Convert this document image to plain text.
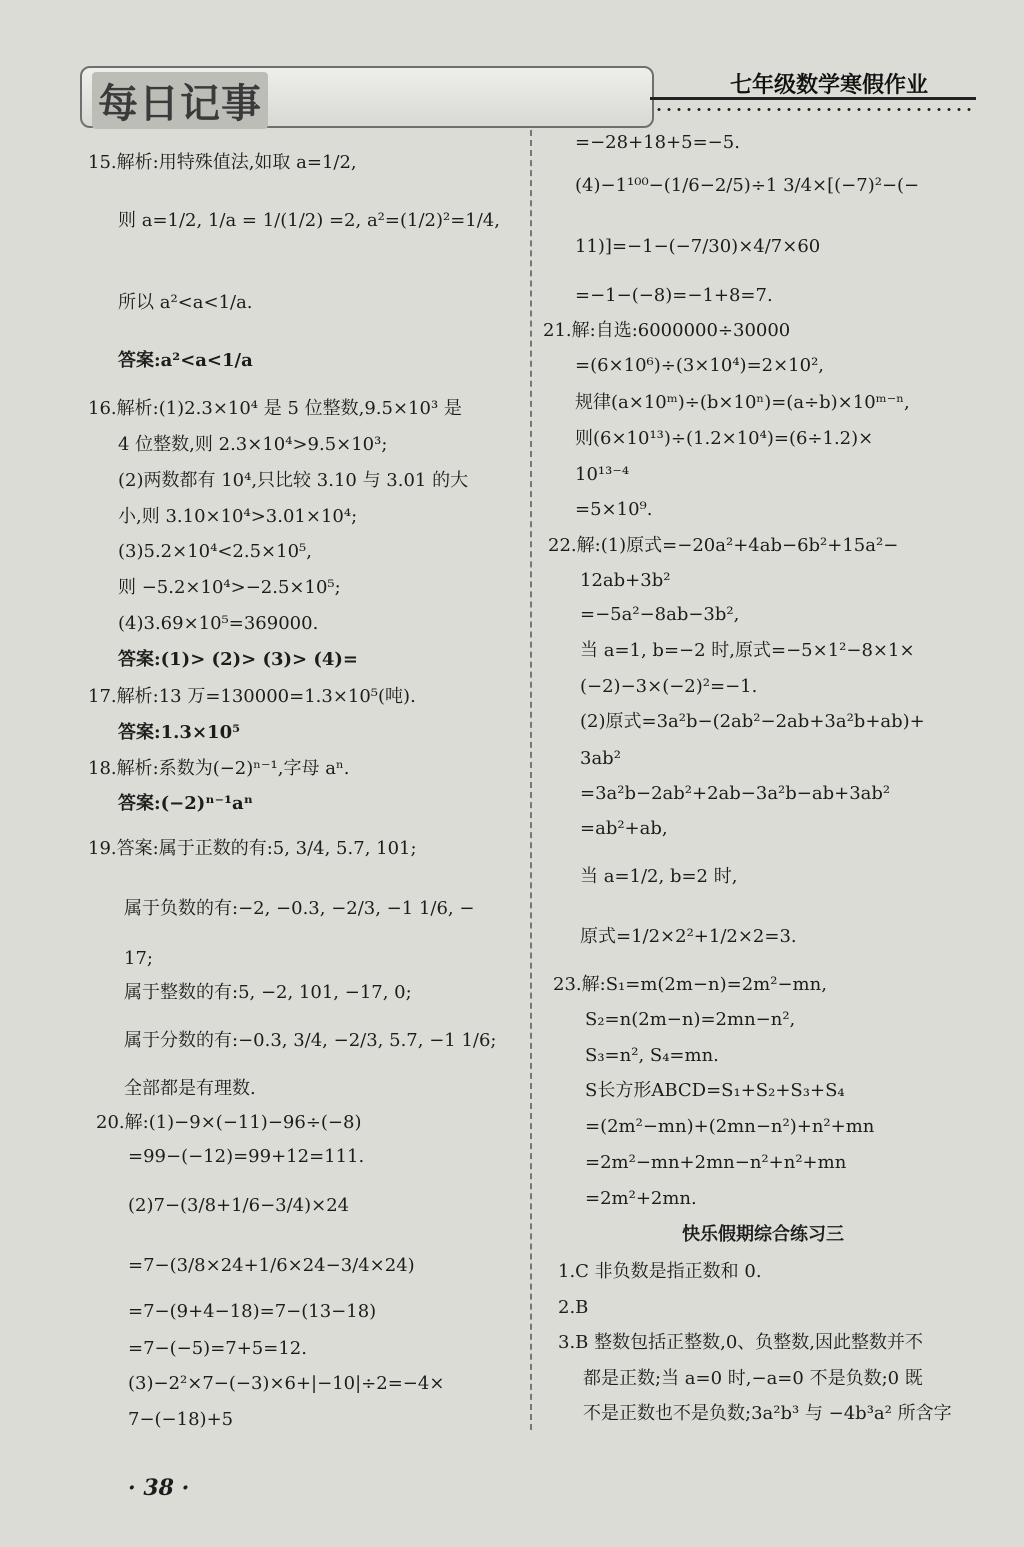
每日记事	七年级数学寒假作业
15.解析:用特殊值法,如取 a=1/2,
则 a=1/2, 1/a = 1/(1/2) =2, a²=(1/2)²=1/4,
所以 a²<a<1/a.
答案:a²<a<1/a
16.解析:(1)2.3×10⁴ 是 5 位整数,9.5×10³ 是
4 位整数,则 2.3×10⁴>9.5×10³;
(2)两数都有 10⁴,只比较 3.10 与 3.01 的大
小,则 3.10×10⁴>3.01×10⁴;
(3)5.2×10⁴<2.5×10⁵,
则 −5.2×10⁴>−2.5×10⁵;
(4)3.69×10⁵=369000.
答案:(1)> (2)> (3)> (4)=
17.解析:13 万=130000=1.3×10⁵(吨).
答案:1.3×10⁵
18.解析:系数为(−2)ⁿ⁻¹,字母 aⁿ.
答案:(−2)ⁿ⁻¹aⁿ
19.答案:属于正数的有:5, 3/4, 5.7, 101;
属于负数的有:−2, −0.3, −2/3, −1 1/6, −
17;
属于整数的有:5, −2, 101, −17, 0;
属于分数的有:−0.3, 3/4, −2/3, 5.7, −1 1/6;
全部都是有理数.
20.解:(1)−9×(−11)−96÷(−8)
=99−(−12)=99+12=111.
(2)7−(3/8+1/6−3/4)×24
=7−(3/8×24+1/6×24−3/4×24)
=7−(9+4−18)=7−(13−18)
=7−(−5)=7+5=12.
(3)−2²×7−(−3)×6+|−10|÷2=−4×
7−(−18)+5
=−28+18+5=−5.
(4)−1¹⁰⁰−(1/6−2/5)÷1 3/4×[(−7)²−(−
11)]=−1−(−7/30)×4/7×60
=−1−(−8)=−1+8=7.
21.解:自选:6000000÷30000
=(6×10⁶)÷(3×10⁴)=2×10²,
规律(a×10ᵐ)÷(b×10ⁿ)=(a÷b)×10ᵐ⁻ⁿ,
则(6×10¹³)÷(1.2×10⁴)=(6÷1.2)×
10¹³⁻⁴
=5×10⁹.
22.解:(1)原式=−20a²+4ab−6b²+15a²−
12ab+3b²
=−5a²−8ab−3b²,
当 a=1, b=−2 时,原式=−5×1²−8×1×
(−2)−3×(−2)²=−1.
(2)原式=3a²b−(2ab²−2ab+3a²b+ab)+
3ab²
=3a²b−2ab²+2ab−3a²b−ab+3ab²
=ab²+ab,
当 a=1/2, b=2 时,
原式=1/2×2²+1/2×2=3.
23.解:S₁=m(2m−n)=2m²−mn,
S₂=n(2m−n)=2mn−n²,
S₃=n², S₄=mn.
S长方形ABCD=S₁+S₂+S₃+S₄
=(2m²−mn)+(2mn−n²)+n²+mn
=2m²−mn+2mn−n²+n²+mn
=2m²+2mn.
快乐假期综合练习三
1.C 非负数是指正数和 0.
2.B
3.B 整数包括正整数,0、负整数,因此整数并不
都是正数;当 a=0 时,−a=0 不是负数;0 既
不是正数也不是负数;3a²b³ 与 −4b³a² 所含字
· 38 ·
